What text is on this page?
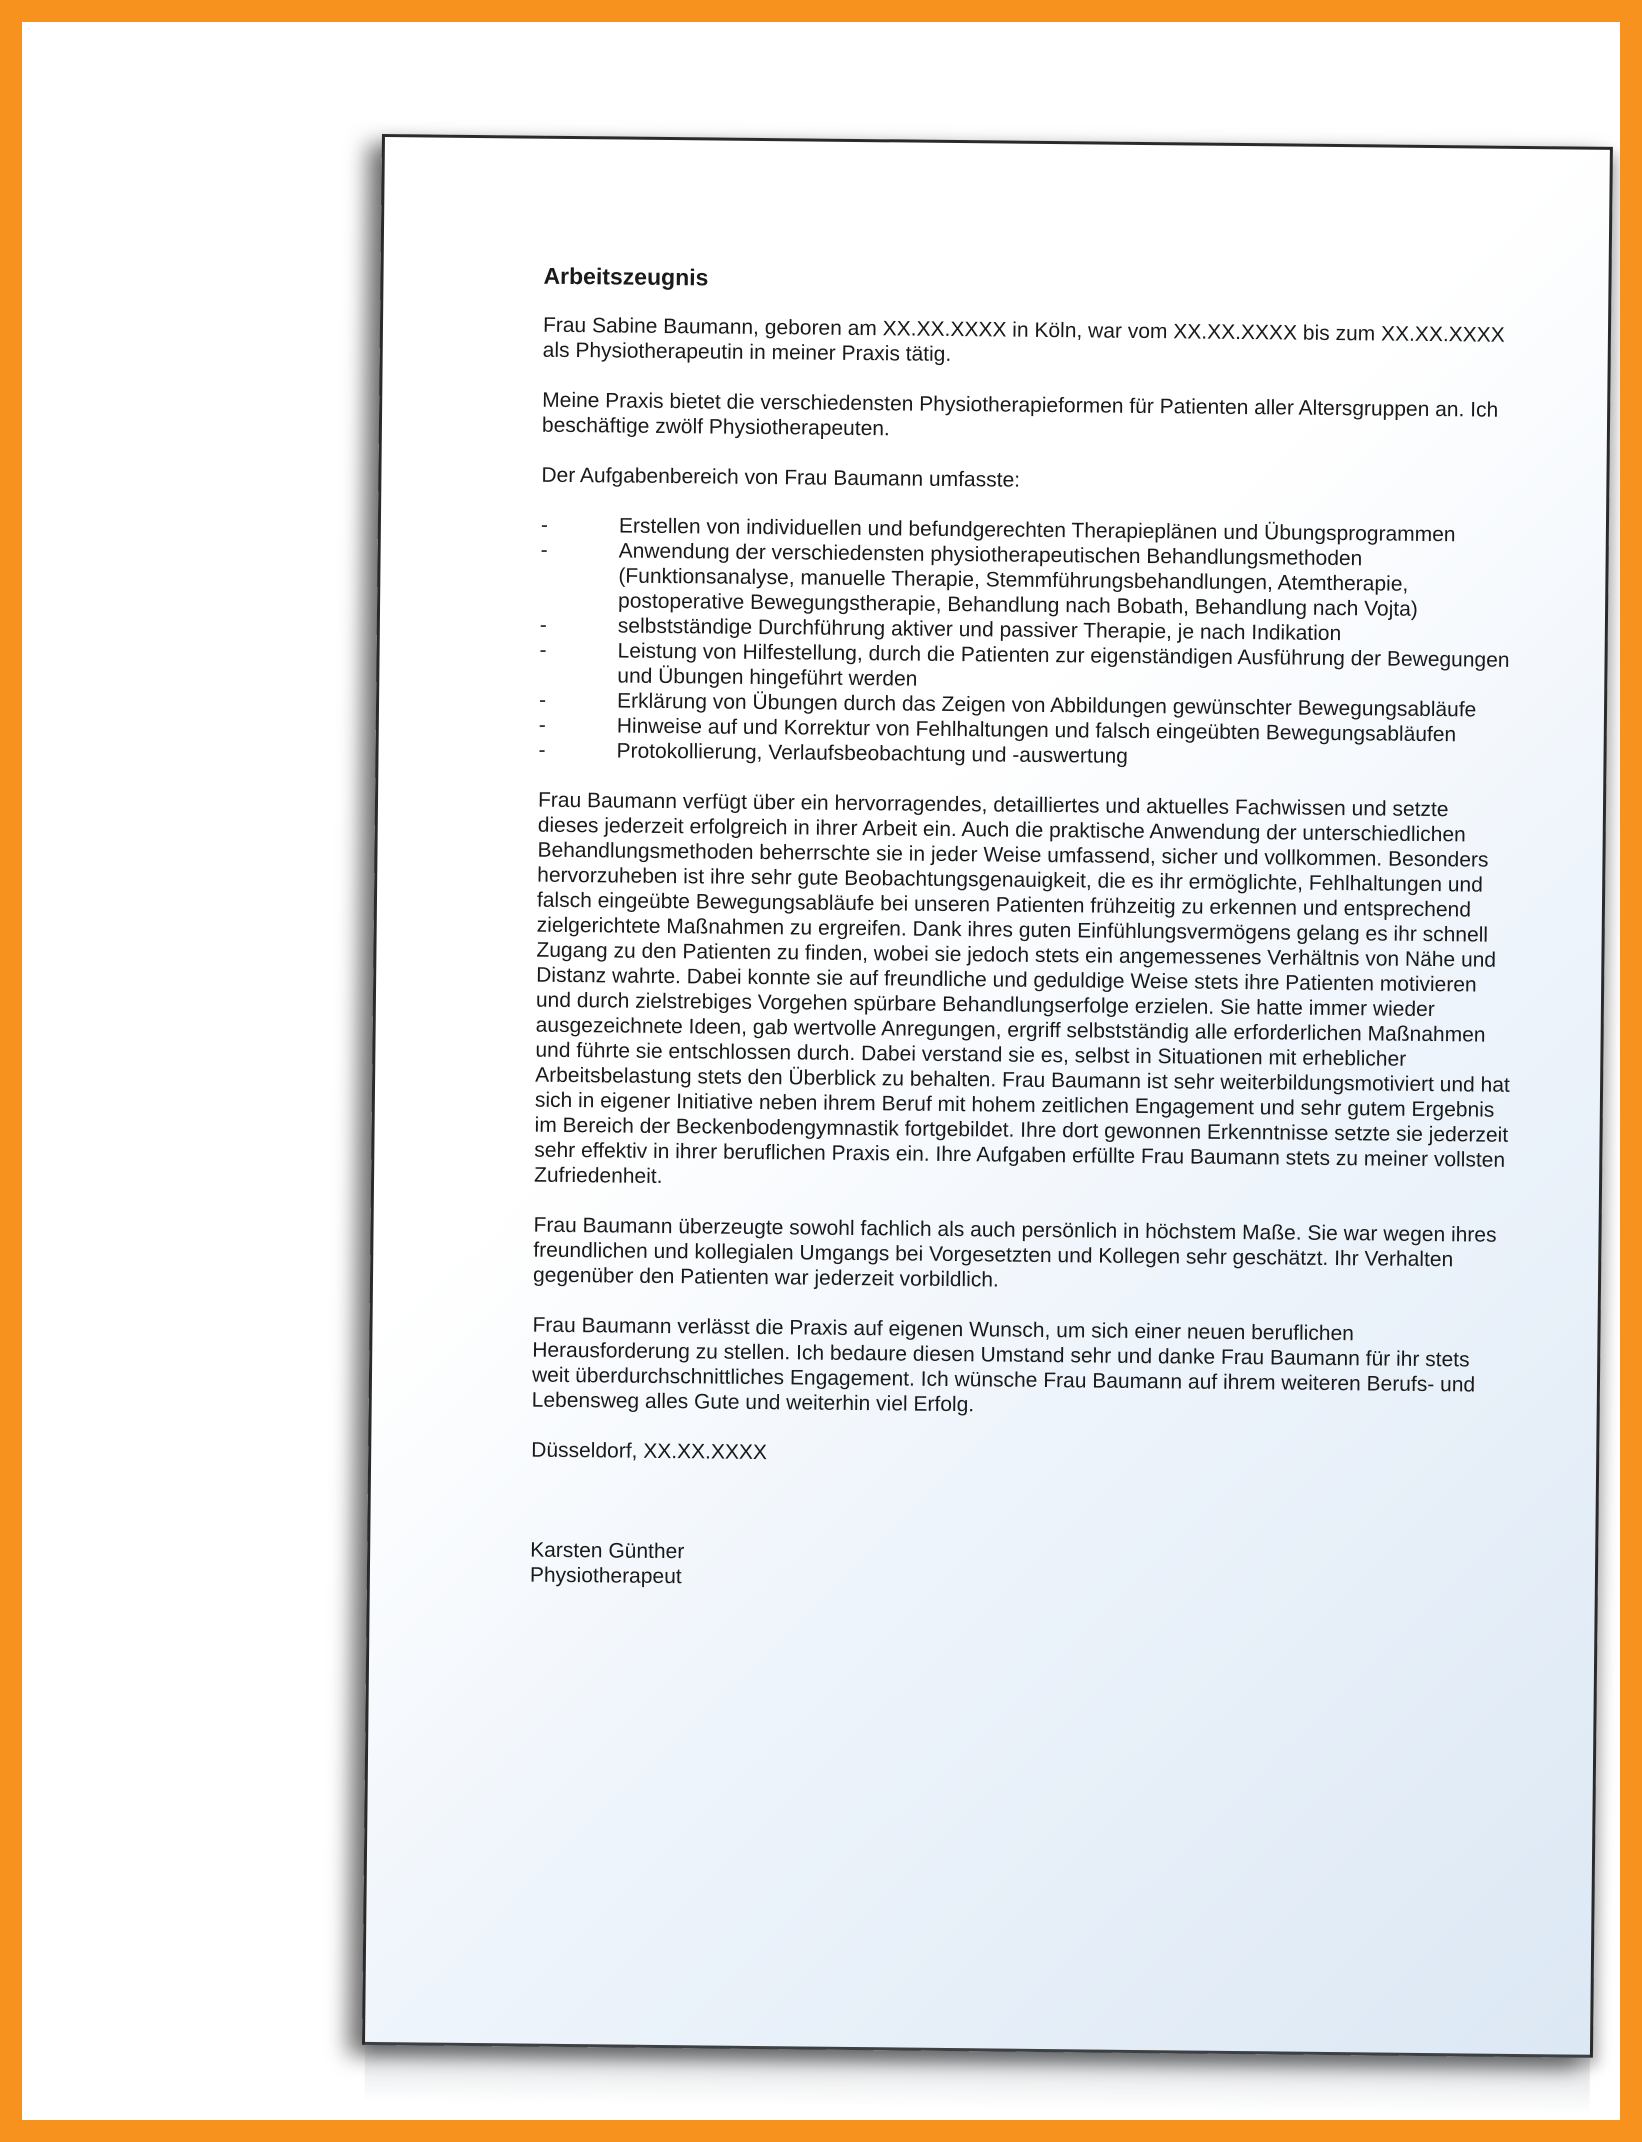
Arbeitszeugnis

Frau Sabine Baumann, geboren am XX.XX.XXXX in Köln, war vom XX.XX.XXXX bis zum XX.XX.XXXX als Physiotherapeutin in meiner Praxis tätig.

Meine Praxis bietet die verschiedensten Physiotherapieformen für Patienten aller Altersgruppen an. Ich beschäftige zwölf Physiotherapeuten.

Der Aufgabenbereich von Frau Baumann umfasste:

-	Erstellen von individuellen und befundgerechten Therapieplänen und Übungsprogrammen
-	Anwendung der verschiedensten physiotherapeutischen Behandlungsmethoden (Funktionsanalyse, manuelle Therapie, Stemmführungsbehandlungen, Atemtherapie, postoperative Bewegungstherapie, Behandlung nach Bobath, Behandlung nach Vojta)
-	selbstständige Durchführung aktiver und passiver Therapie, je nach Indikation
-	Leistung von Hilfestellung, durch die Patienten zur eigenständigen Ausführung der Bewegungen und Übungen hingeführt werden
-	Erklärung von Übungen durch das Zeigen von Abbildungen gewünschter Bewegungsabläufe
-	Hinweise auf und Korrektur von Fehlhaltungen und falsch eingeübten Bewegungsabläufen
-	Protokollierung, Verlaufsbeobachtung und -auswertung

Frau Baumann verfügt über ein hervorragendes, detailliertes und aktuelles Fachwissen und setzte dieses jederzeit erfolgreich in ihrer Arbeit ein. Auch die praktische Anwendung der unterschiedlichen Behandlungsmethoden beherrschte sie in jeder Weise umfassend, sicher und vollkommen. Besonders hervorzuheben ist ihre sehr gute Beobachtungsgenauigkeit, die es ihr ermöglichte, Fehlhaltungen und falsch eingeübte Bewegungsabläufe bei unseren Patienten frühzeitig zu erkennen und entsprechend zielgerichtete Maßnahmen zu ergreifen. Dank ihres guten Einfühlungsvermögens gelang es ihr schnell Zugang zu den Patienten zu finden, wobei sie jedoch stets ein angemessenes Verhältnis von Nähe und Distanz wahrte. Dabei konnte sie auf freundliche und geduldige Weise stets ihre Patienten motivieren und durch zielstrebiges Vorgehen spürbare Behandlungserfolge erzielen. Sie hatte immer wieder ausgezeichnete Ideen, gab wertvolle Anregungen, ergriff selbstständig alle erforderlichen Maßnahmen und führte sie entschlossen durch. Dabei verstand sie es, selbst in Situationen mit erheblicher Arbeitsbelastung stets den Überblick zu behalten. Frau Baumann ist sehr weiterbildungsmotiviert und hat sich in eigener Initiative neben ihrem Beruf mit hohem zeitlichen Engagement und sehr gutem Ergebnis im Bereich der Beckenbodengymnastik fortgebildet. Ihre dort gewonnen Erkenntnisse setzte sie jederzeit sehr effektiv in ihrer beruflichen Praxis ein. Ihre Aufgaben erfüllte Frau Baumann stets zu meiner vollsten Zufriedenheit.

Frau Baumann überzeugte sowohl fachlich als auch persönlich in höchstem Maße. Sie war wegen ihres freundlichen und kollegialen Umgangs bei Vorgesetzten und Kollegen sehr geschätzt. Ihr Verhalten gegenüber den Patienten war jederzeit vorbildlich.

Frau Baumann verlässt die Praxis auf eigenen Wunsch, um sich einer neuen beruflichen Herausforderung zu stellen. Ich bedaure diesen Umstand sehr und danke Frau Baumann für ihr stets weit überdurchschnittliches Engagement. Ich wünsche Frau Baumann auf ihrem weiteren Berufs- und Lebensweg alles Gute und weiterhin viel Erfolg.

Düsseldorf, XX.XX.XXXX

Karsten Günther
Physiotherapeut
